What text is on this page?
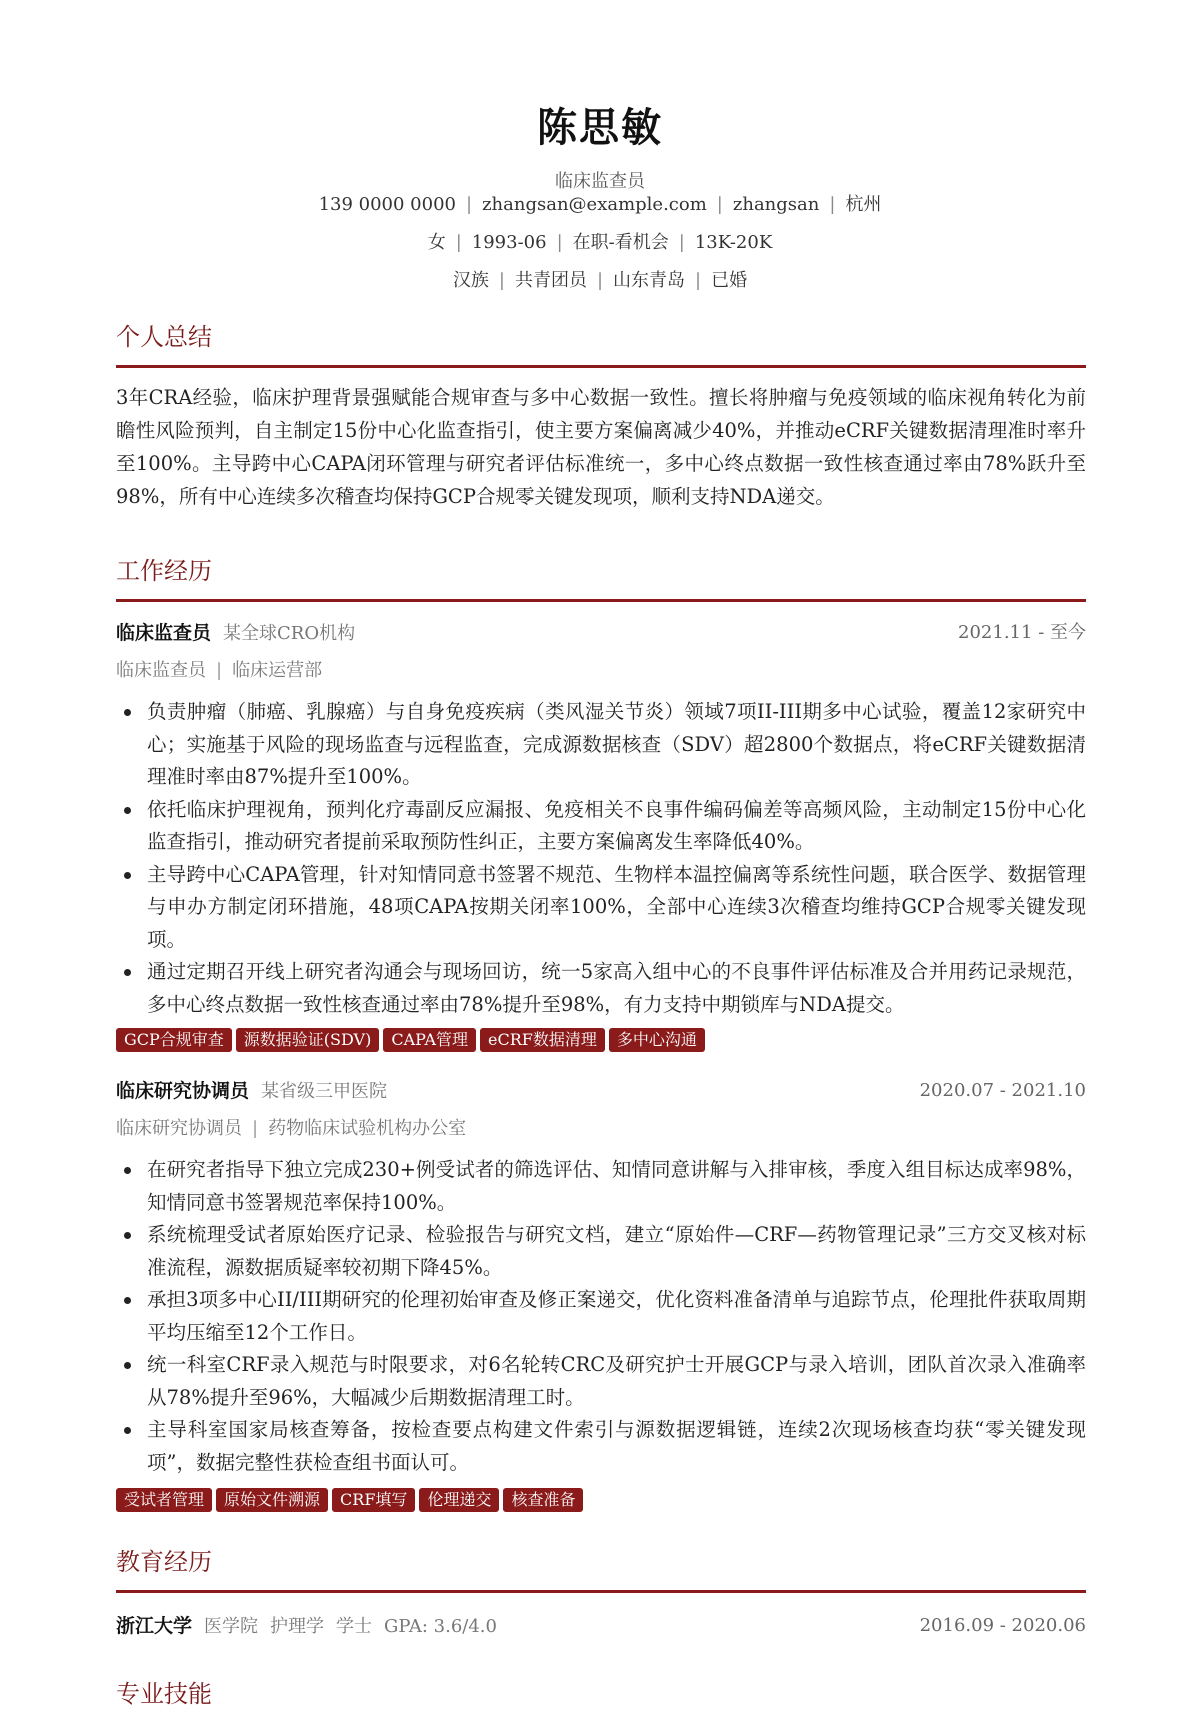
陈思敏
临床监查员
139 0000 0000 | zhangsan@example.com | zhangsan | 杭州
女 | 1993-06 | 在职-看机会 | 13K-20K
汉族 | 共青团员 | 山东青岛 | 已婚
个人总结

3年CRA经验，临床护理背景强赋能合规审查与多中心数据一致性。擅长将肿瘤与免疫领域的临床视角转化为前瞻性风险预判，自主制定15份中心化监查指引，使主要方案偏离减少40%，并推动eCRF关键数据清理准时率升至100%。主导跨中心CAPA闭环管理与研究者评估标准统一，多中心终点数据一致性核查通过率由78%跃升至98%，所有中心连续多次稽查均保持GCP合规零关键发现项，顺利支持NDA递交。

工作经历
临床监查员 某全球CRO机构	2021.11 - 至今
临床监查员 | 临床运营部
负责肿瘤（肺癌、乳腺癌）与自身免疫疾病（类风湿关节炎）领域7项II-III期多中心试验，覆盖12家研究中心；实施基于风险的现场监查与远程监查，完成源数据核查（SDV）超2800个数据点，将eCRF关键数据清理准时率由87%提升至100%。
依托临床护理视角，预判化疗毒副反应漏报、免疫相关不良事件编码偏差等高频风险，主动制定15份中心化监查指引，推动研究者提前采取预防性纠正，主要方案偏离发生率降低40%。
主导跨中心CAPA管理，针对知情同意书签署不规范、生物样本温控偏离等系统性问题，联合医学、数据管理与申办方制定闭环措施，48项CAPA按期关闭率100%，全部中心连续3次稽查均维持GCP合规零关键发现项。
通过定期召开线上研究者沟通会与现场回访，统一5家高入组中心的不良事件评估标准及合并用药记录规范，多中心终点数据一致性核查通过率由78%提升至98%，有力支持中期锁库与NDA提交。
GCP合规审查 源数据验证(SDV) CAPA管理 eCRF数据清理 多中心沟通
临床研究协调员 某省级三甲医院	2020.07 - 2021.10
临床研究协调员 | 药物临床试验机构办公室
在研究者指导下独立完成230+例受试者的筛选评估、知情同意讲解与入排审核，季度入组目标达成率98%，知情同意书签署规范率保持100%。
系统梳理受试者原始医疗记录、检验报告与研究文档，建立“原始件—CRF—药物管理记录”三方交叉核对标准流程，源数据质疑率较初期下降45%。
承担3项多中心II/III期研究的伦理初始审查及修正案递交，优化资料准备清单与追踪节点，伦理批件获取周期平均压缩至12个工作日。
统一科室CRF录入规范与时限要求，对6名轮转CRC及研究护士开展GCP与录入培训，团队首次录入准确率从78%提升至96%，大幅减少后期数据清理工时。
主导科室国家局核查筹备，按检查要点构建文件索引与源数据逻辑链，连续2次现场核查均获“零关键发现项”，数据完整性获检查组书面认可。
受试者管理 原始文件溯源 CRF填写 伦理递交 核查准备
教育经历
浙江大学 医学院 护理学 学士 GPA: 3.6/4.0	2016.09 - 2020.06
专业技能
